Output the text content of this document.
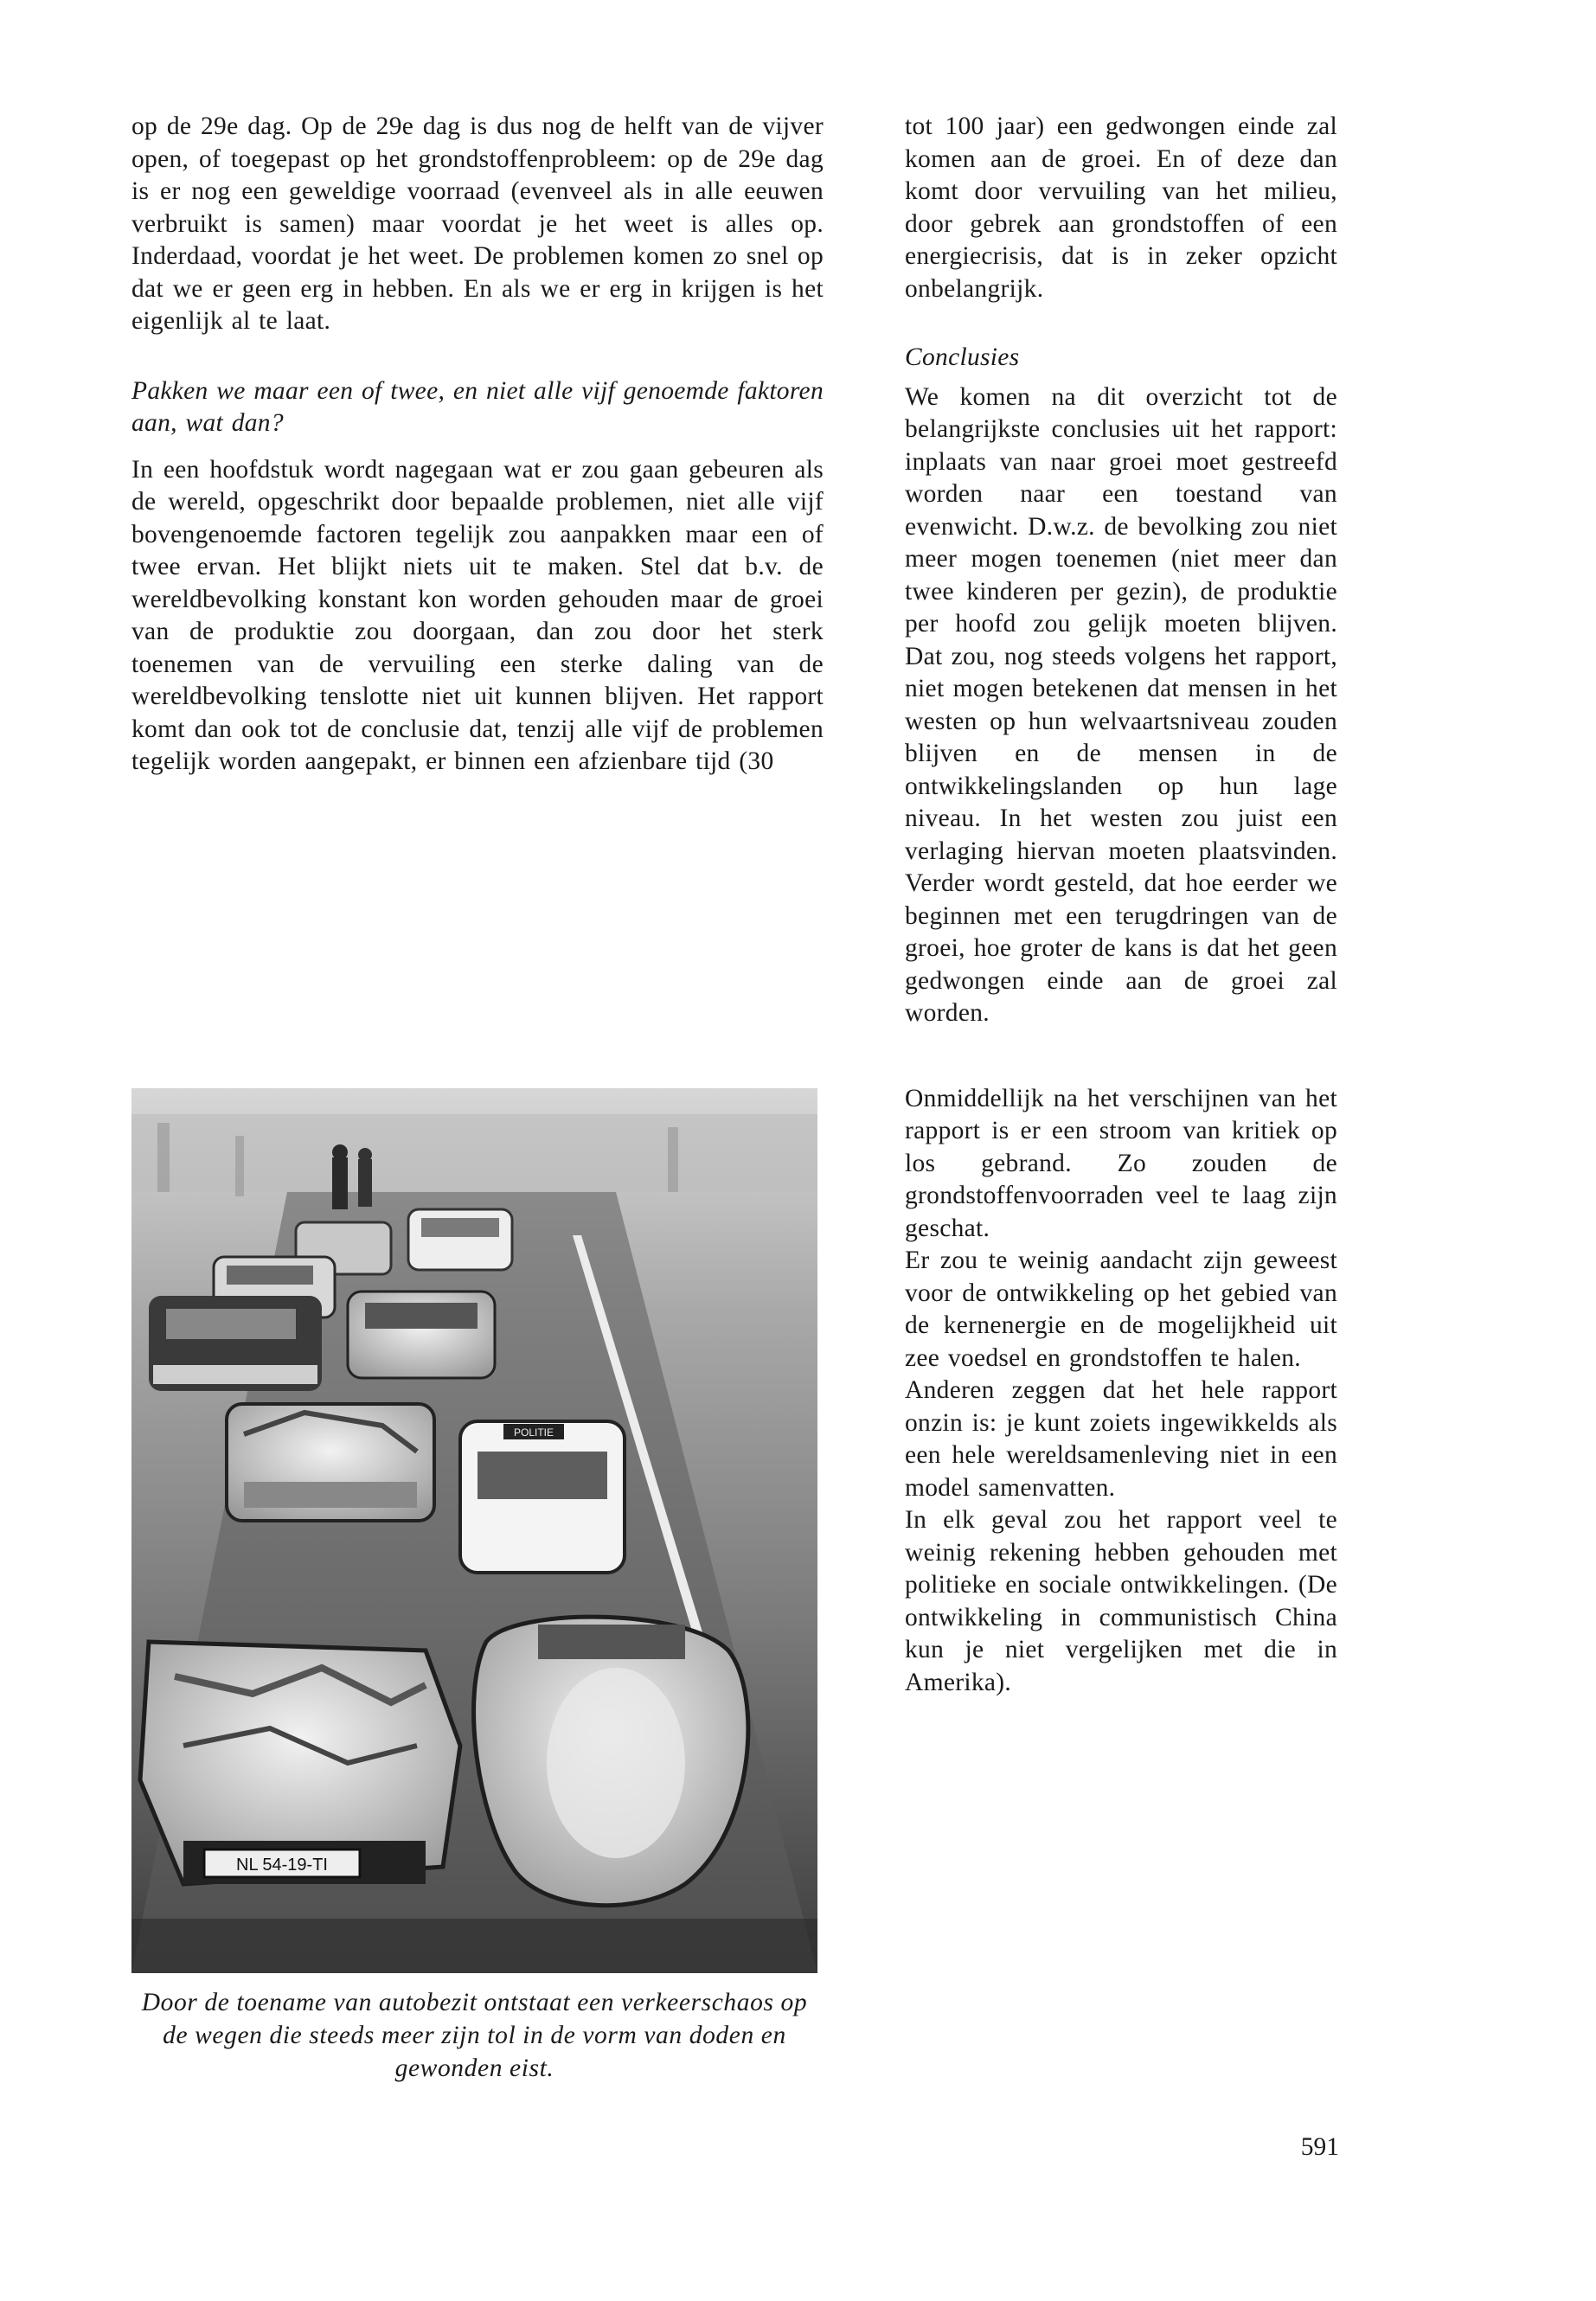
op de 29e dag. Op de 29e dag is dus nog de helft van de vijver open, of toegepast op het grondstoffenprobleem: op de 29e dag is er nog een geweldige voorraad (evenveel als in alle eeuwen verbruikt is samen) maar voordat je het weet is alles op. Inderdaad, voordat je het weet. De problemen komen zo snel op dat we er geen erg in hebben. En als we er erg in krijgen is het eigenlijk al te laat.

Pakken we maar een of twee, en niet alle vijf genoemde faktoren aan, wat dan?

In een hoofdstuk wordt nagegaan wat er zou gaan gebeuren als de wereld, opgeschrikt door bepaalde problemen, niet alle vijf bovengenoemde factoren tegelijk zou aanpakken maar een of twee ervan. Het blijkt niets uit te maken. Stel dat b.v. de wereldbevolking konstant kon worden gehouden maar de groei van de produktie zou doorgaan, dan zou door het sterk toenemen van de vervuiling een sterke daling van de wereldbevolking tenslotte niet uit kunnen blijven. Het rapport komt dan ook tot de conclusie dat, tenzij alle vijf de problemen tegelijk worden aangepakt, er binnen een afzienbare tijd (30

POLITIE
NL 54-19-TI

Door de toename van autobezit ontstaat een verkeerschaos op de wegen die steeds meer zijn tol in de vorm van doden en gewonden eist.

tot 100 jaar) een gedwongen einde zal komen aan de groei. En of deze dan komt door vervuiling van het milieu, door gebrek aan grondstoffen of een energiecrisis, dat is in zeker opzicht onbelangrijk.

Conclusies

We komen na dit overzicht tot de belangrijkste conclusies uit het rapport: inplaats van naar groei moet gestreefd worden naar een toestand van evenwicht. D.w.z. de bevolking zou niet meer mogen toenemen (niet meer dan twee kinderen per gezin), de produktie per hoofd zou gelijk moeten blijven. Dat zou, nog steeds volgens het rapport, niet mogen betekenen dat mensen in het westen op hun welvaartsniveau zouden blijven en de mensen in de ontwikkelingslanden op hun lage niveau. In het westen zou juist een verlaging hiervan moeten plaatsvinden. Verder wordt gesteld, dat hoe eerder we beginnen met een terugdringen van de groei, hoe groter de kans is dat het geen gedwongen einde aan de groei zal worden.

Onmiddellijk na het verschijnen van het rapport is er een stroom van kritiek op los gebrand. Zo zouden de grondstoffenvoorraden veel te laag zijn geschat.

Er zou te weinig aandacht zijn geweest voor de ontwikkeling op het gebied van de kernenergie en de mogelijkheid uit zee voedsel en grondstoffen te halen.

Anderen zeggen dat het hele rapport onzin is: je kunt zoiets ingewikkelds als een hele wereldsamenleving niet in een model samenvatten.

In elk geval zou het rapport veel te weinig rekening hebben gehouden met politieke en sociale ontwikkelingen. (De ontwikkeling in communistisch China kun je niet vergelijken met die in Amerika).

591
